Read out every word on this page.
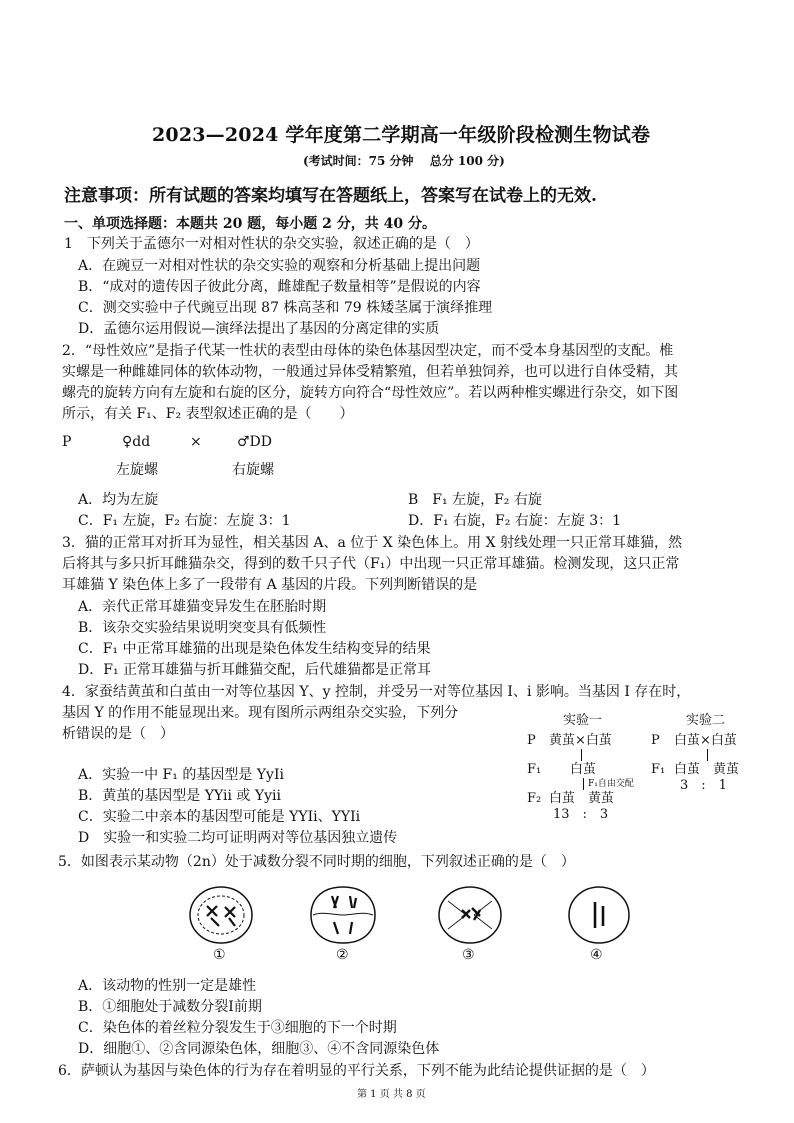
2023—2024 学年度第二学期高一年级阶段检测生物试卷
(考试时间：75 分钟　 总分 100 分)
注意事项：所有试题的答案均填写在答题纸上，答案写在试卷上的无效.
一、单项选择题：本题共 20 题，每小题 2 分，共 40 分。
1　下列关于孟德尔一对相对性状的杂交实验，叙述正确的是（　）
A．在豌豆一对相对性状的杂交实验的观察和分析基础上提出问题
B．“成对的遗传因子彼此分离，雌雄配子数量相等”是假说的内容
C．测交实验中子代豌豆出现 87 株高茎和 79 株矮茎属于演绎推理
D．孟德尔运用假说—演绎法提出了基因的分离定律的实质
2．“母性效应”是指子代某一性状的表型由母体的染色体基因型决定，而不受本身基因型的支配。椎
实螺是一种雌雄同体的软体动物，一般通过异体受精繁殖，但若单独饲养，也可以进行自体受精，其
螺壳的旋转方向有左旋和右旋的区分，旋转方向符合“母性效应”。若以两种椎实螺进行杂交，如下图
所示，有关 F₁、F₂ 表型叙述正确的是（　　）
P	♀dd	×	♂DD
左旋螺	右旋螺
A．均为左旋	B　F₁ 左旋，F₂ 右旋
C．F₁ 左旋，F₂ 右旋：左旋 3：1	D．F₁ 右旋，F₂ 右旋：左旋 3：1
3．猫的正常耳对折耳为显性，相关基因 A、a 位于 X 染色体上。用 X 射线处理一只正常耳雄猫，然
后将其与多只折耳雌猫杂交，得到的数千只子代（F₁）中出现一只正常耳雄猫。检测发现，这只正常
耳雄猫 Y 染色体上多了一段带有 A 基因的片段。下列判断错误的是
A．亲代正常耳雄猫变异发生在胚胎时期
B．该杂交实验结果说明突变具有低频性
C．F₁ 中正常耳雄猫的出现是染色体发生结构变异的结果
D．F₁ 正常耳雄猫与折耳雌猫交配，后代雄猫都是正常耳
4．家蚕结黄茧和白茧由一对等位基因 Y、y 控制，并受另一对等位基因 I、i 影响。当基因 I 存在时，
基因 Y 的作用不能显现出来。现有图所示两组杂交实验，下列分
析错误的是（　）
A．实验一中 F₁ 的基因型是 YyIi
B．黄茧的基因型是 YYii 或 Yyii
C．实验二中亲本的基因型可能是 YYIi、YYIi
D　实验一和实验二均可证明两对等位基因独立遗传
实验一
P 黄茧×白茧
F₁ 白茧
F₁自由交配
F₂ 白茧　黄茧
13　:　3
实验二
P 白茧×白茧
F₁ 白茧　黄茧
3　:　1
5．如图表示某动物（2n）处于减数分裂不同时期的细胞，下列叙述正确的是（　）
①	②	③	④
A．该动物的性别一定是雄性
B．①细胞处于减数分裂Ⅰ前期
C．染色体的着丝粒分裂发生于③细胞的下一个时期
D．细胞①、②含同源染色体，细胞③、④不含同源染色体
6．萨顿认为基因与染色体的行为存在着明显的平行关系，下列不能为此结论提供证据的是（　）
第 1 页 共 8 页
